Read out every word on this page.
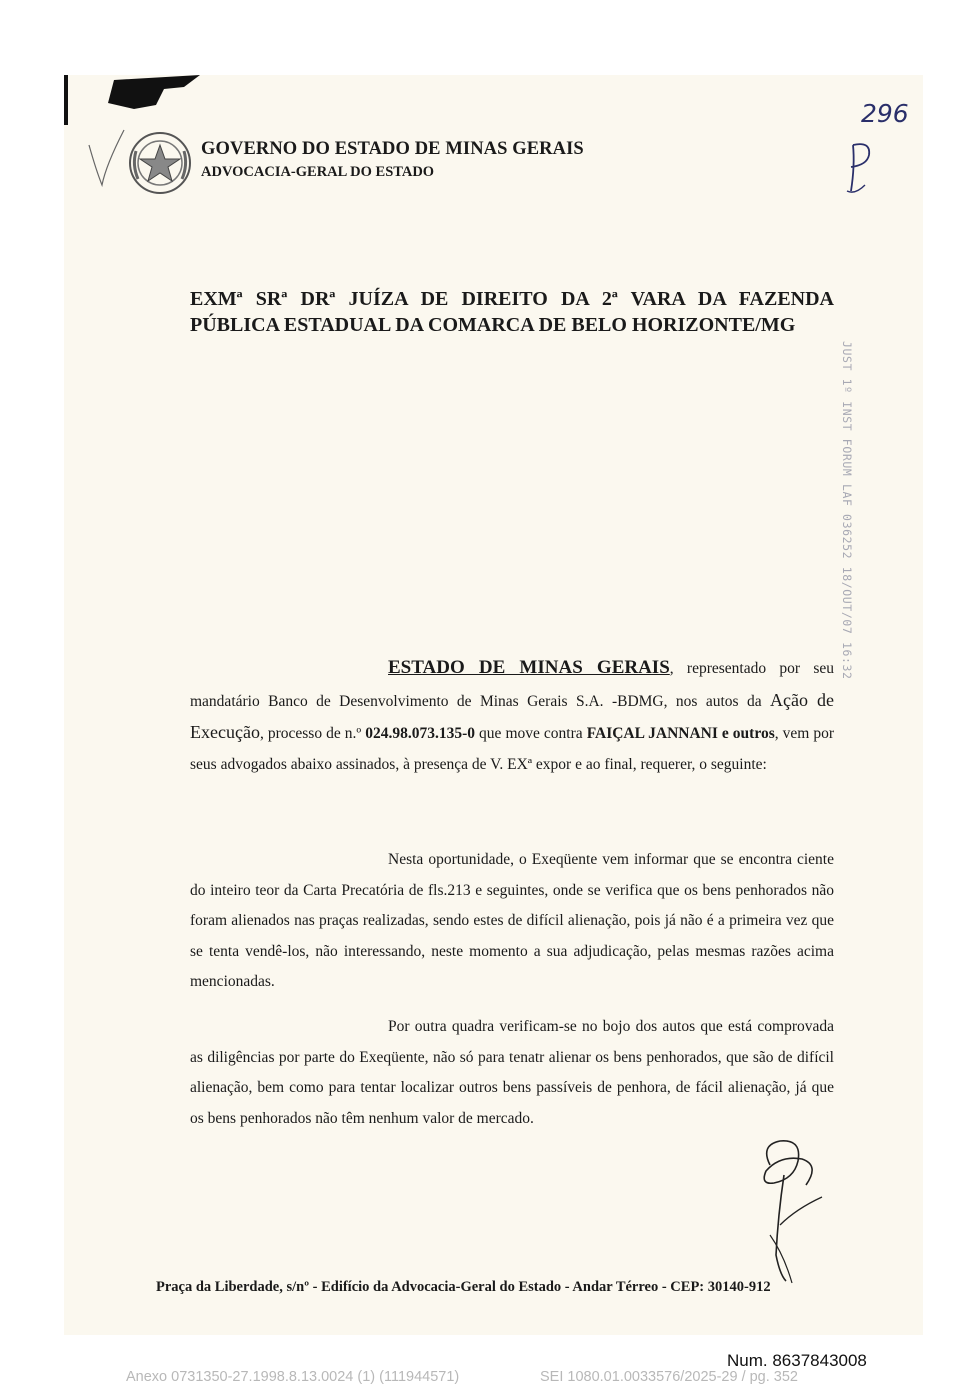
GOVERNO DO ESTADO DE MINAS GERAIS
ADVOCACIA-GERAL DO ESTADO
296
EXMª SRª DRª JUÍZA DE DIREITO DA 2ª VARA DA FAZENDA PÚBLICA ESTADUAL DA COMARCA DE BELO HORIZONTE/MG
JUST 1º INST FORUM LAF 036252 18/OUT/07 16:32
ESTADO DE MINAS GERAIS, representado por seu mandatário Banco de Desenvolvimento de Minas Gerais S.A. -BDMG, nos autos da Ação de Execução, processo de n.º 024.98.073.135-0 que move contra FAIÇAL JANNANI e outros, vem por seus advogados abaixo assinados, à presença de V. EXª expor e ao final, requerer, o seguinte:
Nesta oportunidade, o Exeqüente vem informar que se encontra ciente do inteiro teor da Carta Precatória de fls.213 e seguintes, onde se verifica que os bens penhorados não foram alienados nas praças realizadas, sendo estes de difícil alienação, pois já não é a primeira vez que se tenta vendê-los, não interessando, neste momento a sua adjudicação, pelas mesmas razões acima mencionadas.
Por outra quadra verificam-se no bojo dos autos que está comprovada as diligências por parte do Exeqüente, não só para tenatr alienar os bens penhorados, que são de difícil alienação, bem como para tentar localizar outros bens passíveis de penhora, de fácil alienação, já que os bens penhorados não têm nenhum valor de mercado.
Praça da Liberdade, s/nº - Edifício da Advocacia-Geral do Estado - Andar Térreo - CEP: 30140-912
Num. 8637843008
Anexo 0731350-27.1998.8.13.0024 (1) (111944571)	SEI 1080.01.0033576/2025-29 / pg. 352
